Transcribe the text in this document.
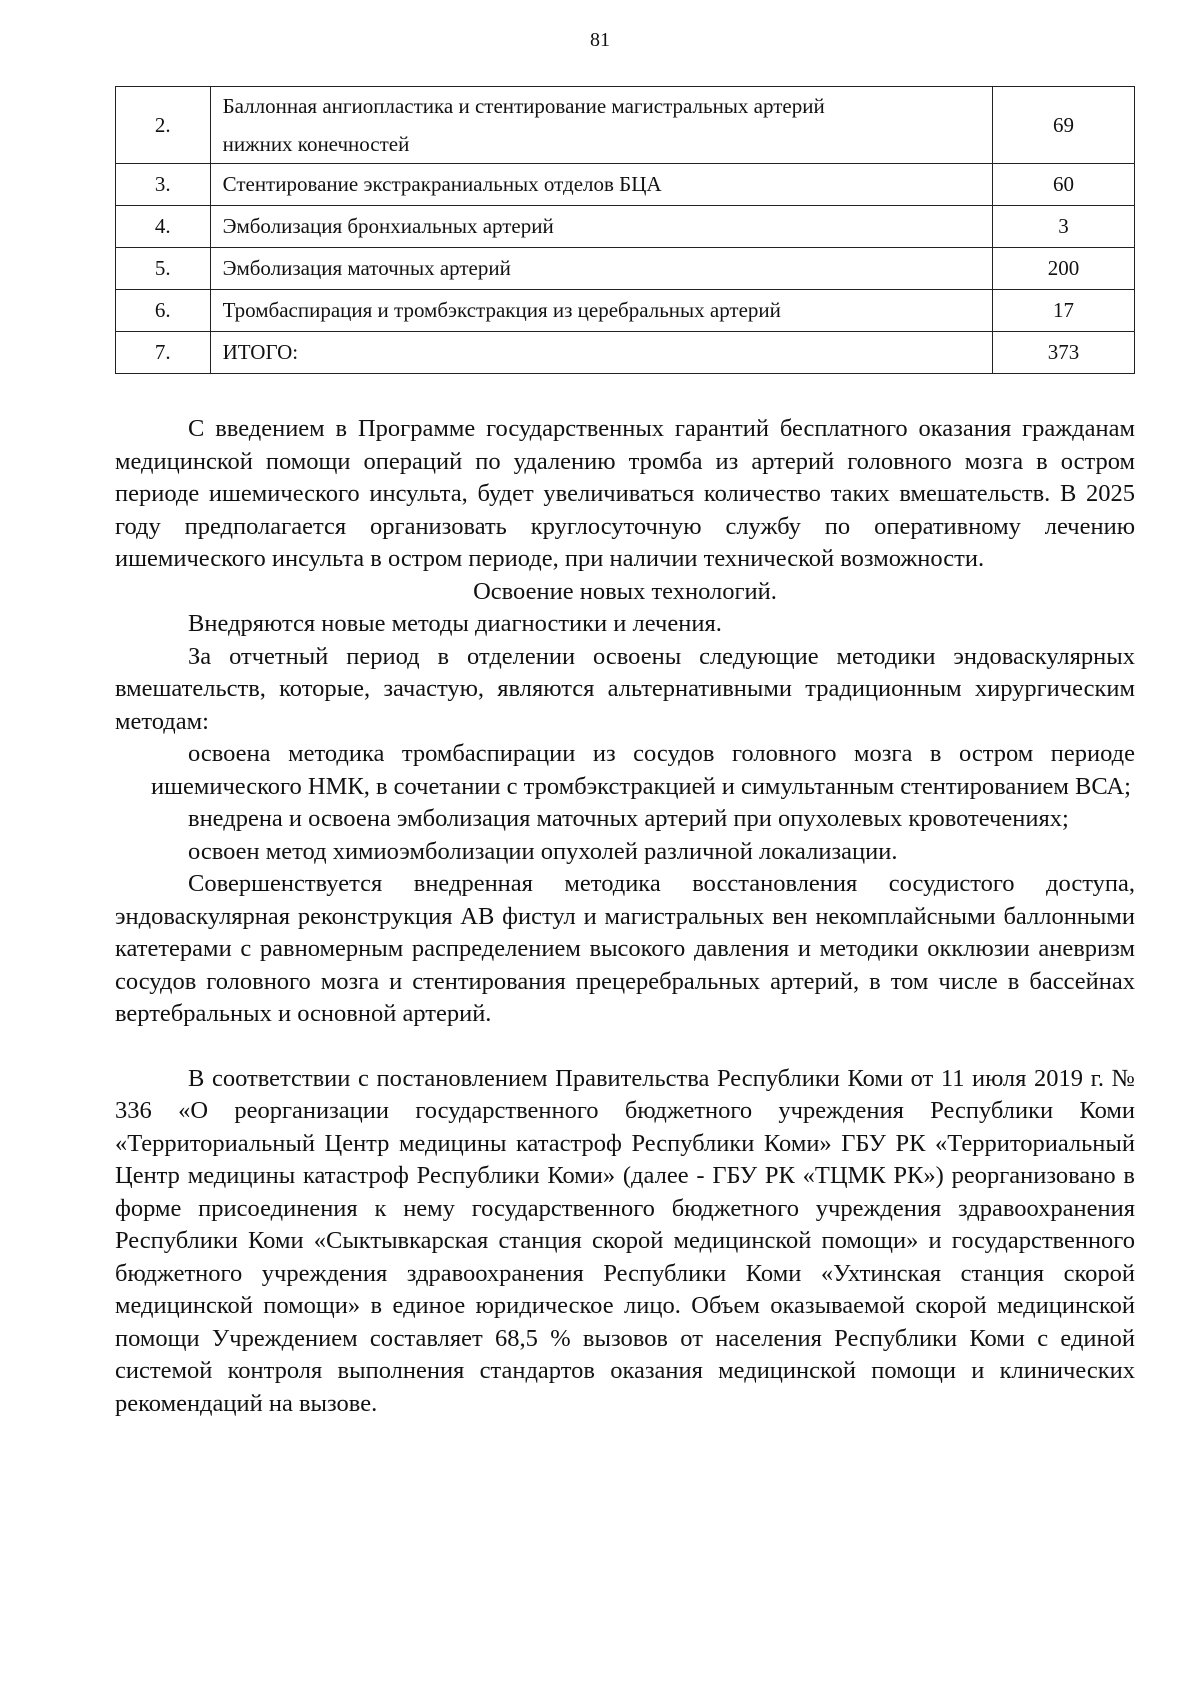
81
2.	Баллонная ангиопластика и стентирование магистральных артерий
нижних конечностей	69
3.	Стентирование экстракраниальных отделов БЦА	60
4.	Эмболизация бронхиальных артерий	3
5.	Эмболизация маточных артерий	200
6.	Тромбаспирация и тромбэкстракция из церебральных артерий	17
7.	ИТОГО:	373

С введением в Программе государственных гарантий бесплатного оказания гражданам медицинской помощи операций по удалению тромба из артерий головного мозга в остром периоде ишемического инсульта, будет увеличиваться количество таких вмешательств. В 2025 году предполагается организовать круглосуточную службу по оперативному лечению ишемического инсульта в остром периоде, при наличии технической возможности.

Освоение новых технологий.

Внедряются новые методы диагностики и лечения.

За отчетный период в отделении освоены следующие методики эндоваскулярных вмешательств, которые, зачастую, являются альтернативными традиционным хирургическим методам:

освоена методика тромбаспирации из сосудов головного мозга в остром периоде ишемического НМК, в сочетании с тромбэкстракцией и симультанным стентированием ВСА;

внедрена и освоена эмболизация маточных артерий при опухолевых кровотечениях;

освоен метод химиоэмболизации опухолей различной локализации.

Совершенствуется внедренная методика восстановления сосудистого доступа, эндоваскулярная реконструкция АВ фистул и магистральных вен некомплайсными баллонными катетерами с равномерным распределением высокого давления и методики окклюзии аневризм сосудов головного мозга и стентирования прецеребральных артерий, в том числе в бассейнах вертебральных и основной артерий.

В соответствии с постановлением Правительства Республики Коми от 11 июля 2019 г. № 336 «О реорганизации государственного бюджетного учреждения Республики Коми «Территориальный Центр медицины катастроф Республики Коми» ГБУ РК «Территориальный Центр медицины катастроф Республики Коми» (далее - ГБУ РК «ТЦМК РК») реорганизовано в форме присоединения к нему государственного бюджетного учреждения здравоохранения Республики Коми «Сыктывкарская станция скорой медицинской помощи» и государственного бюджетного учреждения здравоохранения Республики Коми «Ухтинская станция скорой медицинской помощи» в единое юридическое лицо. Объем оказываемой скорой медицинской помощи Учреждением составляет 68,5 % вызовов от населения Республики Коми с единой системой контроля выполнения стандартов оказания медицинской помощи и клинических рекомендаций на вызове.
